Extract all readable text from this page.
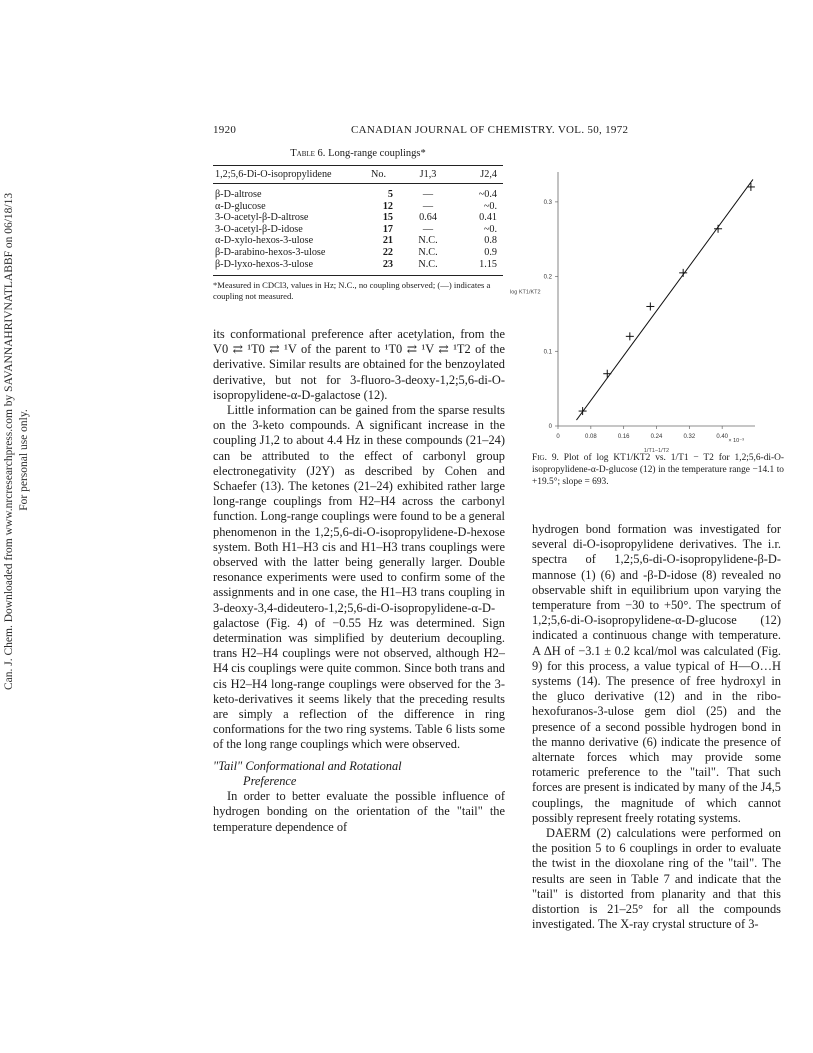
Can. J. Chem. Downloaded from www.nrcresearchpress.com by SAVANNAHRIVNATLABBF on 06/18/13 For personal use only.
1920	CANADIAN JOURNAL OF CHEMISTRY. VOL. 50, 1972
Table 6. Long-range couplings*
1,2;5,6-Di-O-isopropylidene	No.	J1,3	J2,4
β-D-altrose	5	—	~0.4
α-D-glucose	12	—	~0.
3-O-acetyl-β-D-altrose	15	0.64	0.41
3-O-acetyl-β-D-idose	17	—	~0.
α-D-xylo-hexos-3-ulose	21	N.C.	0.8
β-D-arabino-hexos-3-ulose	22	N.C.	0.9
β-D-lyxo-hexos-3-ulose	23	N.C.	1.15
*Measured in CDCl3, values in Hz; N.C., no coupling observed; (—) indicates a coupling not measured.
0	0.08	0.16	0.24	0.32	0.40
× 10⁻³
0
0.1
0.2
0.3
log KT1/KT2
1/T1−1/T2
Fig. 9. Plot of log KT1/KT2 vs. 1/T1 − T2 for 1,2;5,6-di-O-isopropylidene-α-D-glucose (12) in the temperature range −14.1 to +19.5°; slope = 693.

its conformational preference after acetylation, from the V0 ⇄ ¹T0 ⇄ ¹V of the parent to ¹T0 ⇄ ¹V ⇄ ¹T2 of the derivative. Similar results are obtained for the benzoylated derivative, but not for 3-fluoro-3-deoxy-1,2;5,6-di-O-isopropylidene-α-D-galactose (12).

Little information can be gained from the sparse results on the 3-keto compounds. A significant increase in the coupling J1,2 to about 4.4 Hz in these compounds (21–24) can be attributed to the effect of carbonyl group electronegativity (J2Y) as described by Cohen and Schaefer (13). The ketones (21–24) exhibited rather large long-range couplings from H2–H4 across the carbonyl function. Long-range couplings were found to be a general phenomenon in the 1,2;5,6-di-O-isopropylidene-D-hexose system. Both H1–H3 cis and H1–H3 trans couplings were observed with the latter being generally larger. Double resonance experiments were used to confirm some of the assignments and in one case, the H1–H3 trans coupling in 3-deoxy-3,4-dideutero-1,2;5,6-di-O-isopropylidene-α-D-galactose (Fig. 4) of −0.55 Hz was determined. Sign determination was simplified by deuterium decoupling. trans H2–H4 couplings were not observed, although H2–H4 cis couplings were quite common. Since both trans and cis H2–H4 long-range couplings were observed for the 3-keto-derivatives it seems likely that the preceding results are simply a reflection of the difference in ring conformations for the two ring systems. Table 6 lists some of the long range couplings which were observed.

"Tail" Conformational and Rotational
Preference

In order to better evaluate the possible influence of hydrogen bonding on the orientation of the "tail" the temperature dependence of

hydrogen bond formation was investigated for several di-O-isopropylidene derivatives. The i.r. spectra of 1,2;5,6-di-O-isopropylidene-β-D-mannose (1) (6) and -β-D-idose (8) revealed no observable shift in equilibrium upon varying the temperature from −30 to +50°. The spectrum of 1,2;5,6-di-O-isopropylidene-α-D-glucose (12) indicated a continuous change with temperature. A ΔH of −3.1 ± 0.2 kcal/mol was calculated (Fig. 9) for this process, a value typical of H—O…H systems (14). The presence of free hydroxyl in the gluco derivative (12) and in the ribo-hexofuranos-3-ulose gem diol (25) and the presence of a second possible hydrogen bond in the manno derivative (6) indicate the presence of alternate forces which may provide some rotameric preference to the "tail". That such forces are present is indicated by many of the J4,5 couplings, the magnitude of which cannot possibly represent freely rotating systems.

DAERM (2) calculations were performed on the position 5 to 6 couplings in order to evaluate the twist in the dioxolane ring of the "tail". The results are seen in Table 7 and indicate that the "tail" is distorted from planarity and that this distortion is 21–25° for all the compounds investigated. The X-ray crystal structure of 3-
